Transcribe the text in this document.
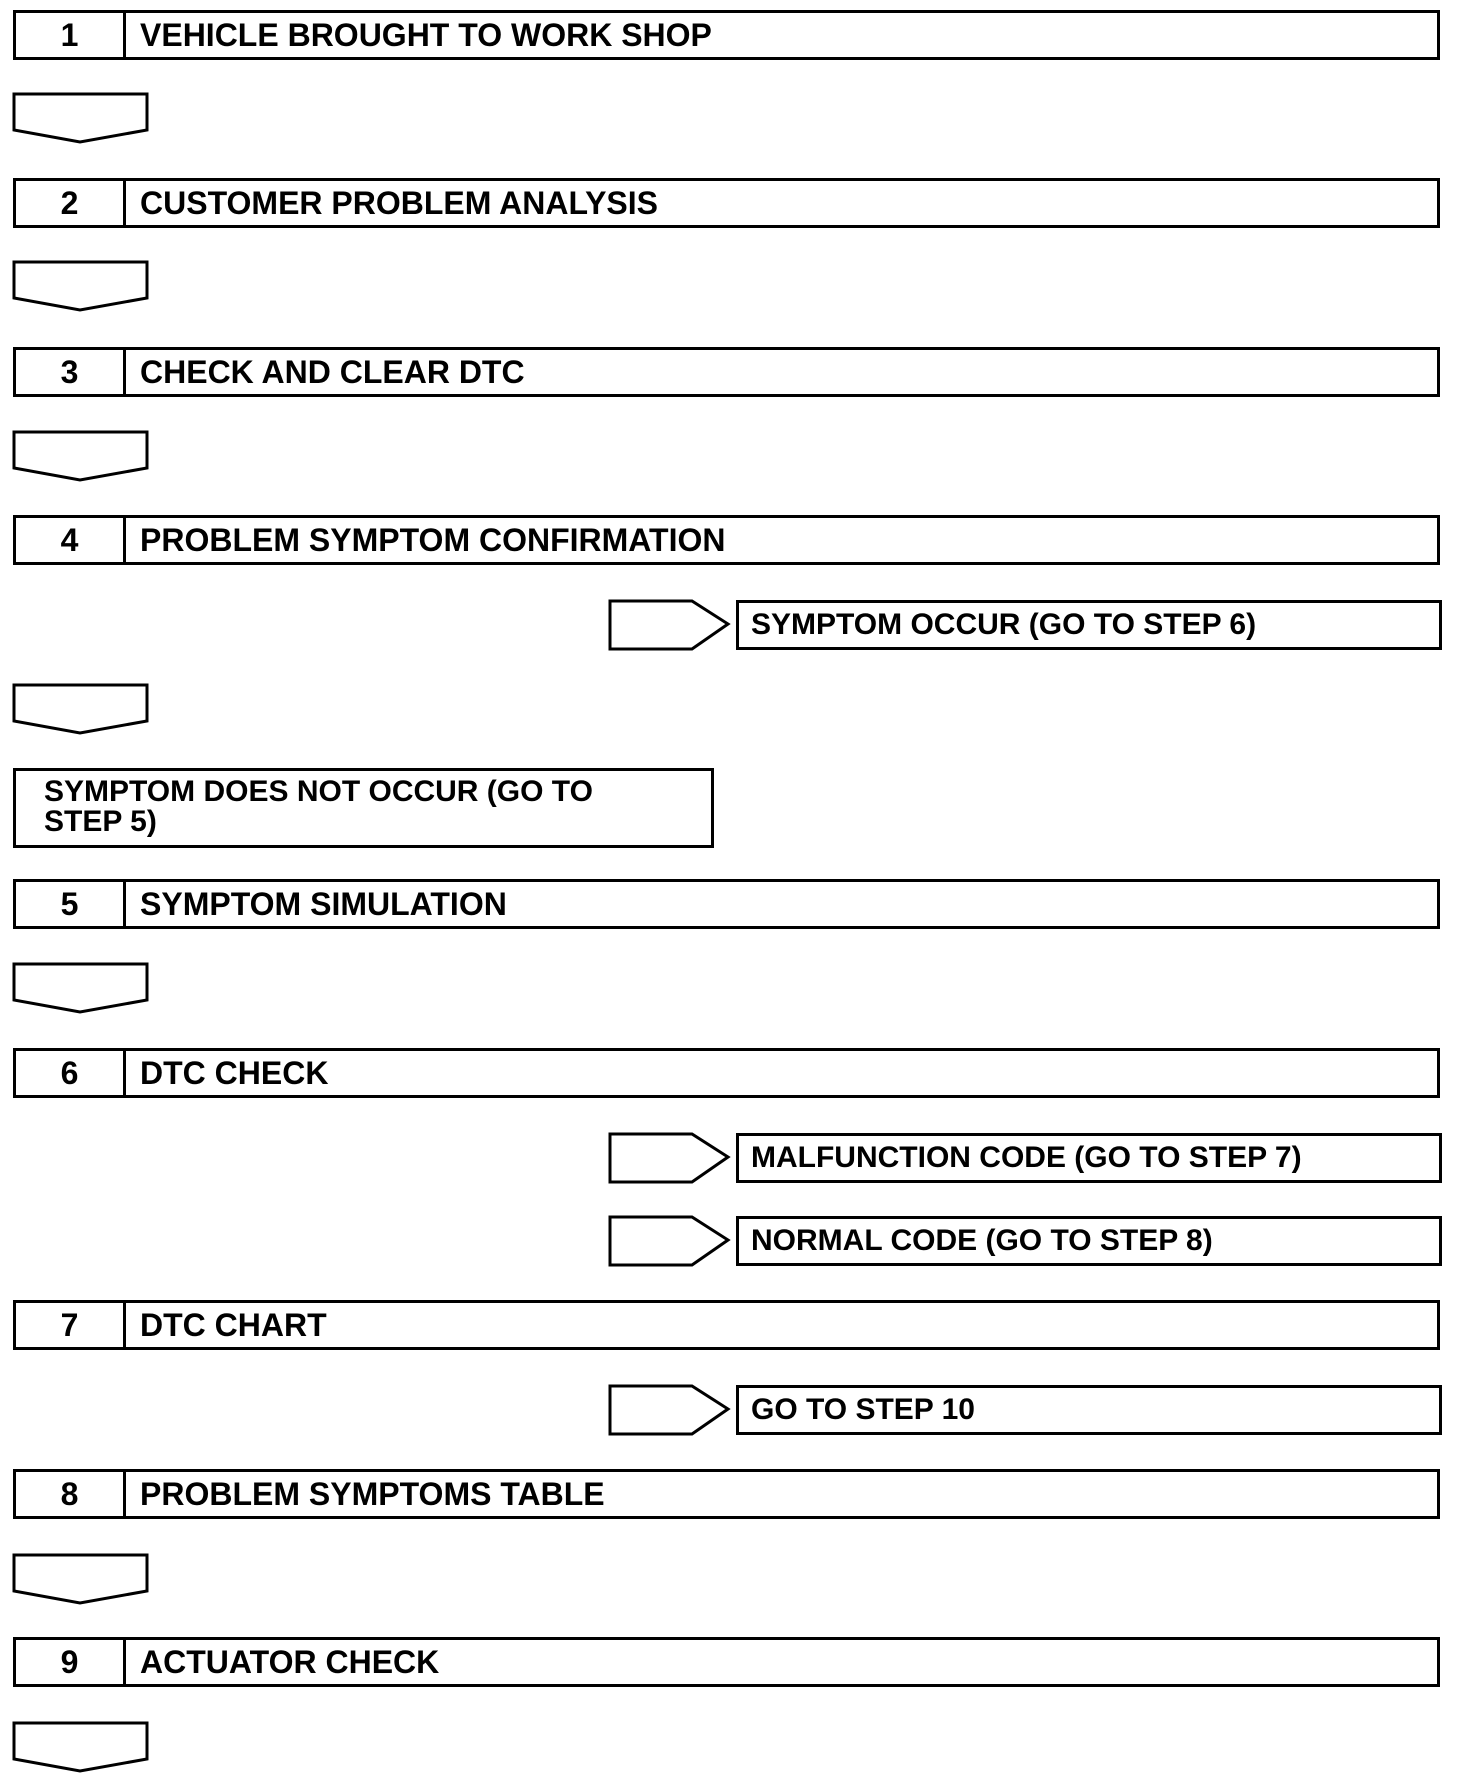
1	VEHICLE BROUGHT TO WORK SHOP
2	CUSTOMER PROBLEM ANALYSIS
3	CHECK AND CLEAR DTC
4	PROBLEM SYMPTOM CONFIRMATION
SYMPTOM OCCUR (GO TO STEP 6)
SYMPTOM DOES NOT OCCUR (GO TO
STEP 5)
5	SYMPTOM SIMULATION
6	DTC CHECK
MALFUNCTION CODE (GO TO STEP 7)
NORMAL CODE (GO TO STEP 8)
7	DTC CHART
GO TO STEP 10
8	PROBLEM SYMPTOMS TABLE
9	ACTUATOR CHECK
